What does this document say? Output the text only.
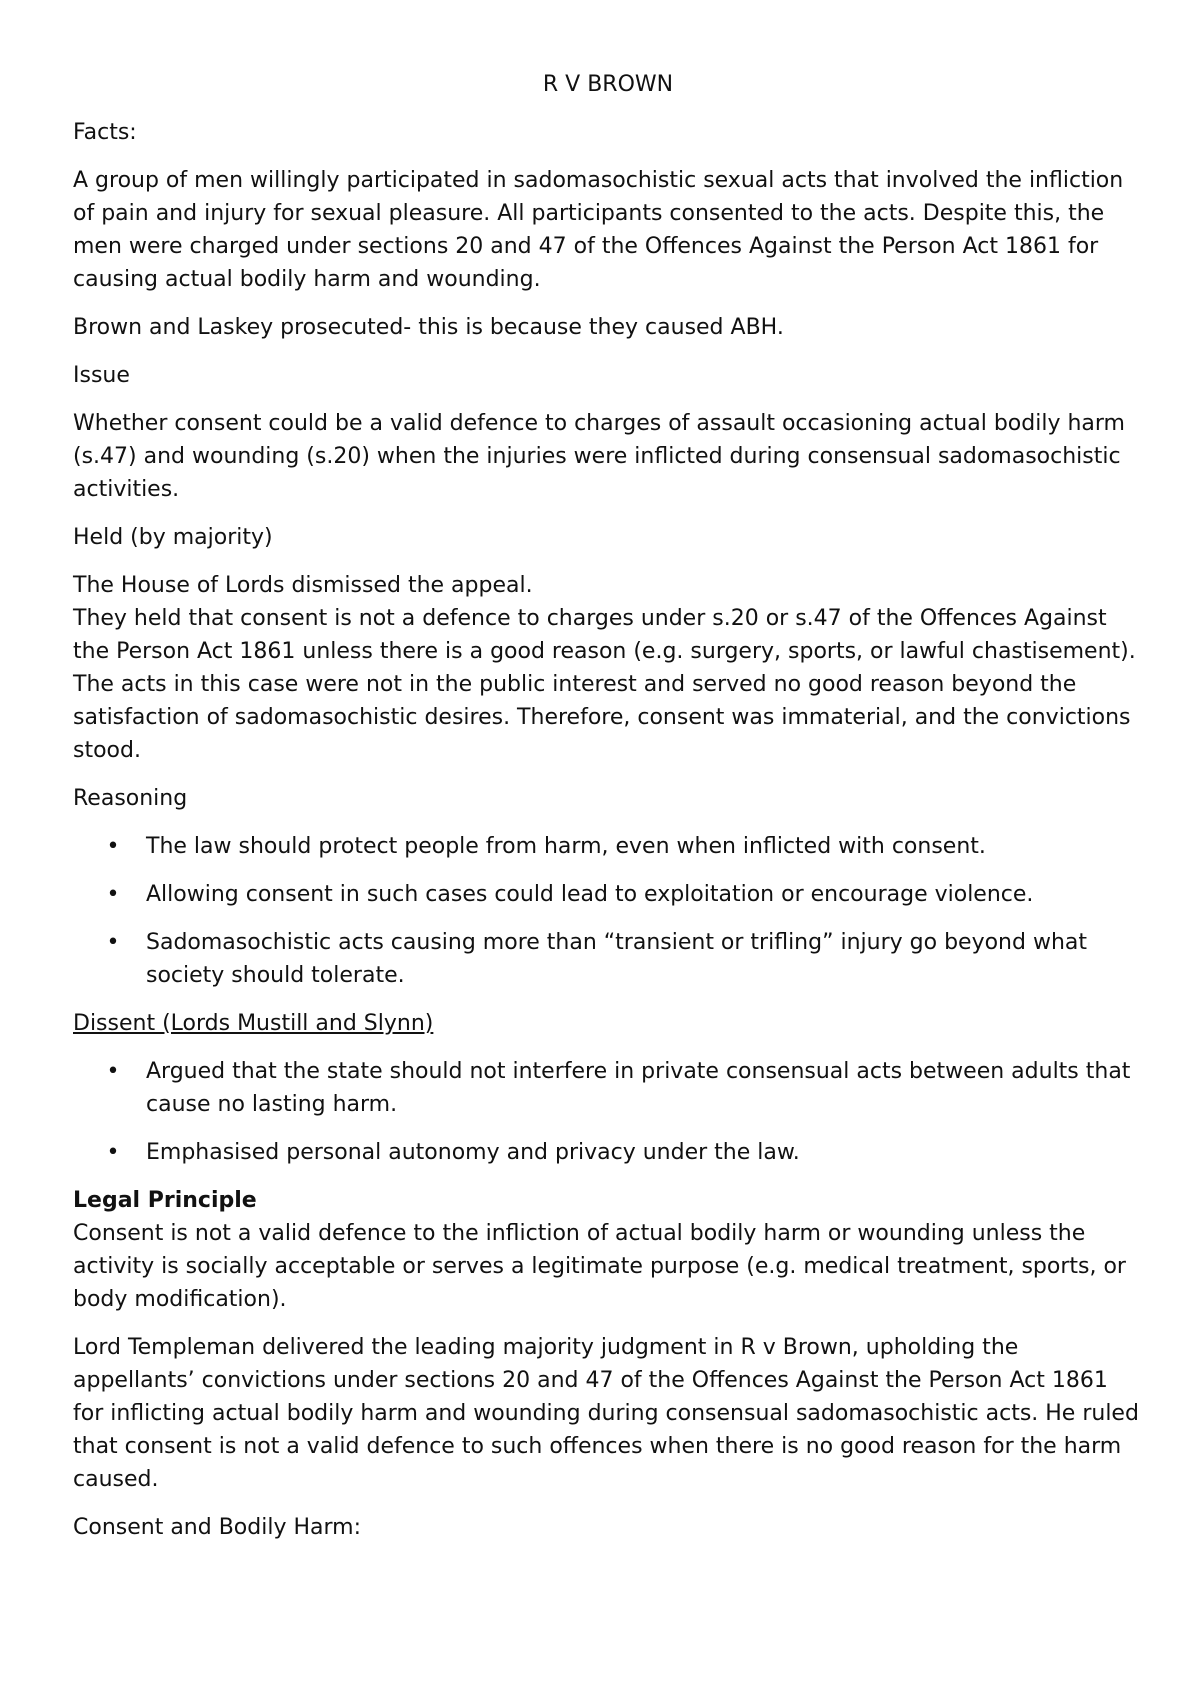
R V BROWN

Facts:

A group of men willingly participated in sadomasochistic sexual acts that involved the infliction of pain and injury for sexual pleasure. All participants consented to the acts. Despite this, the men were charged under sections 20 and 47 of the Offences Against the Person Act 1861 for causing actual bodily harm and wounding.

Brown and Laskey prosecuted- this is because they caused ABH.

Issue

Whether consent could be a valid defence to charges of assault occasioning actual bodily harm (s.47) and wounding (s.20) when the injuries were inflicted during consensual sadomasochistic activities.

Held (by majority)

The House of Lords dismissed the appeal.

They held that consent is not a defence to charges under s.20 or s.47 of the Offences Against the Person Act 1861 unless there is a good reason (e.g. surgery, sports, or lawful chastisement). The acts in this case were not in the public interest and served no good reason beyond the satisfaction of sadomasochistic desires. Therefore, consent was immaterial, and the convictions stood.

Reasoning

• The law should protect people from harm, even when inflicted with consent.
• Allowing consent in such cases could lead to exploitation or encourage violence.
• Sadomasochistic acts causing more than “transient or trifling” injury go beyond what society should tolerate.

Dissent (Lords Mustill and Slynn)

• Argued that the state should not interfere in private consensual acts between adults that cause no lasting harm.
• Emphasised personal autonomy and privacy under the law.

Legal Principle

Consent is not a valid defence to the infliction of actual bodily harm or wounding unless the activity is socially acceptable or serves a legitimate purpose (e.g. medical treatment, sports, or body modification).

Lord Templeman delivered the leading majority judgment in R v Brown, upholding the appellants’ convictions under sections 20 and 47 of the Offences Against the Person Act 1861 for inflicting actual bodily harm and wounding during consensual sadomasochistic acts. He ruled that consent is not a valid defence to such offences when there is no good reason for the harm caused.

Consent and Bodily Harm:
